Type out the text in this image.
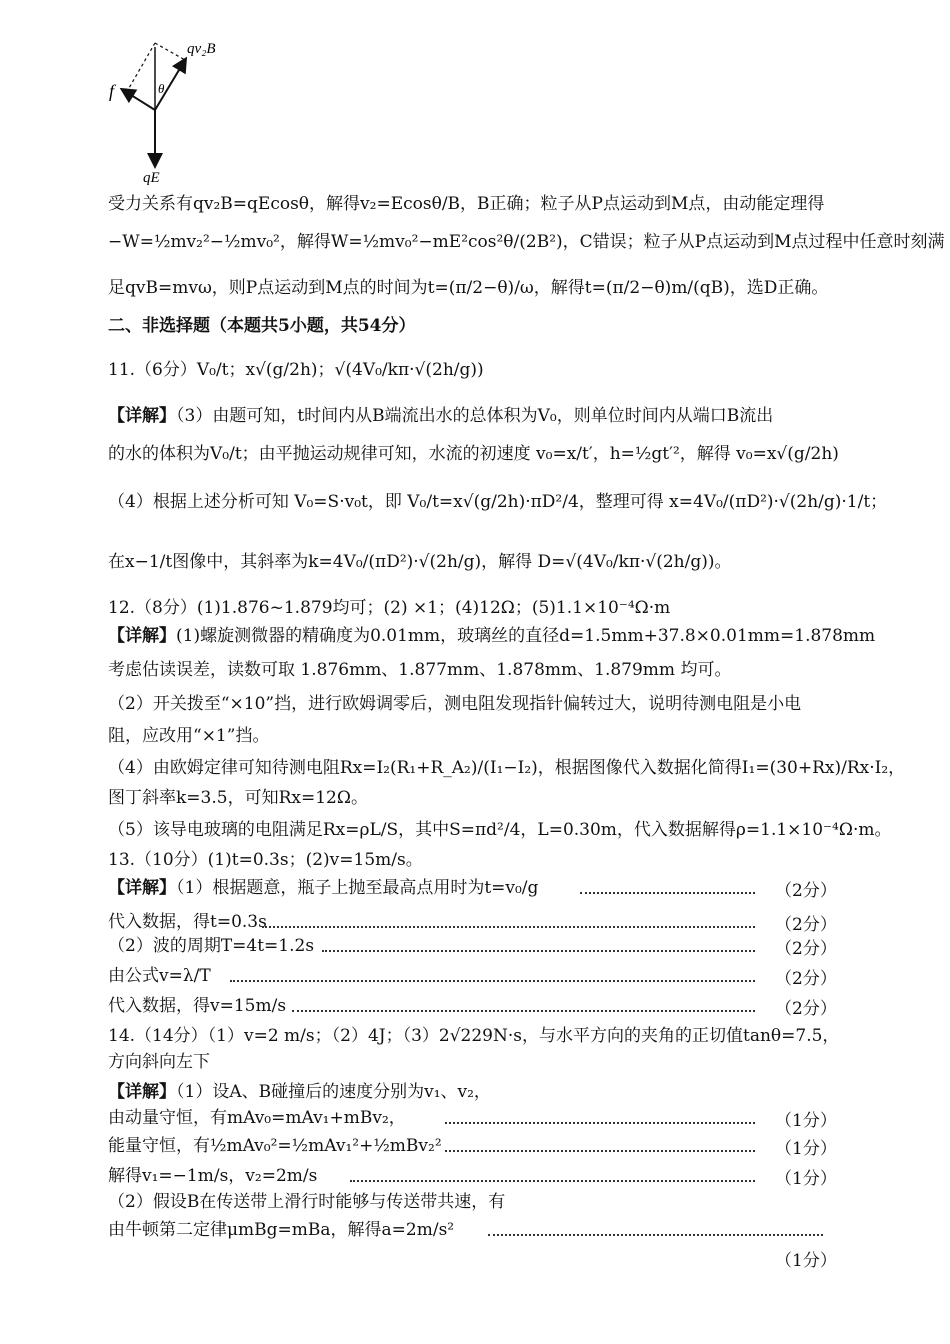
qv₂B
f	θ
qE
受力关系有qv₂B=qEcosθ，解得v₂=Ecosθ/B，B正确；粒子从P点运动到M点，由动能定理得
−W=½mv₂²−½mv₀²，解得W=½mv₀²−mE²cos²θ/(2B²)，C错误；粒子从P点运动到M点过程中任意时刻满
足qvB=mvω，则P点运动到M点的时间为t=(π/2−θ)/ω，解得t=(π/2−θ)m/(qB)，选D正确。
二、非选择题（本题共5小题，共54分）
11.（6分）V₀/t；x√(g/2h)；√(4V₀/kπ·√(2h/g))
【详解】（3）由题可知，t时间内从B端流出水的总体积为V₀，则单位时间内从端口B流出
的水的体积为V₀/t；由平抛运动规律可知，水流的初速度 v₀=x/t′，h=½gt′²，解得 v₀=x√(g/2h)
（4）根据上述分析可知 V₀=S·v₀t，即 V₀/t=x√(g/2h)·πD²/4，整理可得 x=4V₀/(πD²)·√(2h/g)·1/t；
在x−1/t图像中，其斜率为k=4V₀/(πD²)·√(2h/g)，解得 D=√(4V₀/kπ·√(2h/g))。
12.（8分）(1)1.876~1.879均可；(2) ×1；(4)12Ω；(5)1.1×10⁻⁴Ω·m
【详解】(1)螺旋测微器的精确度为0.01mm，玻璃丝的直径d=1.5mm+37.8×0.01mm=1.878mm
考虑估读误差，读数可取 1.876mm、1.877mm、1.878mm、1.879mm 均可。
（2）开关拨至“×10”挡，进行欧姆调零后，测电阻发现指针偏转过大，说明待测电阻是小电
阻，应改用“×1”挡。
（4）由欧姆定律可知待测电阻Rx=I₂(R₁+R_A₂)/(I₁−I₂)，根据图像代入数据化简得I₁=(30+Rx)/Rx·I₂，
图丁斜率k=3.5，可知Rx=12Ω。
（5）该导电玻璃的电阻满足Rx=ρL/S，其中S=πd²/4，L=0.30m，代入数据解得ρ=1.1×10⁻⁴Ω·m。
13.（10分）(1)t=0.3s；(2)v=15m/s。
【详解】（1）根据题意，瓶子上抛至最高点用时为t=v₀/g	（2分）
代入数据，得t=0.3s	（2分）
（2）波的周期T=4t=1.2s	（2分）
由公式v=λ/T	（2分）
代入数据，得v=15m/s	（2分）
14.（14分）（1）v=2 m/s；（2）4J；（3）2√229N·s，与水平方向的夹角的正切值tanθ=7.5，
方向斜向左下
【详解】（1）设A、B碰撞后的速度分别为v₁、v₂，
由动量守恒，有mAv₀=mAv₁+mBv₂，	（1分）
能量守恒，有½mAv₀²=½mAv₁²+½mBv₂²	（1分）
解得v₁=−1m/s，v₂=2m/s	（1分）
（2）假设B在传送带上滑行时能够与传送带共速，有
由牛顿第二定律μmBg=mBa，解得a=2m/s²
（1分）
